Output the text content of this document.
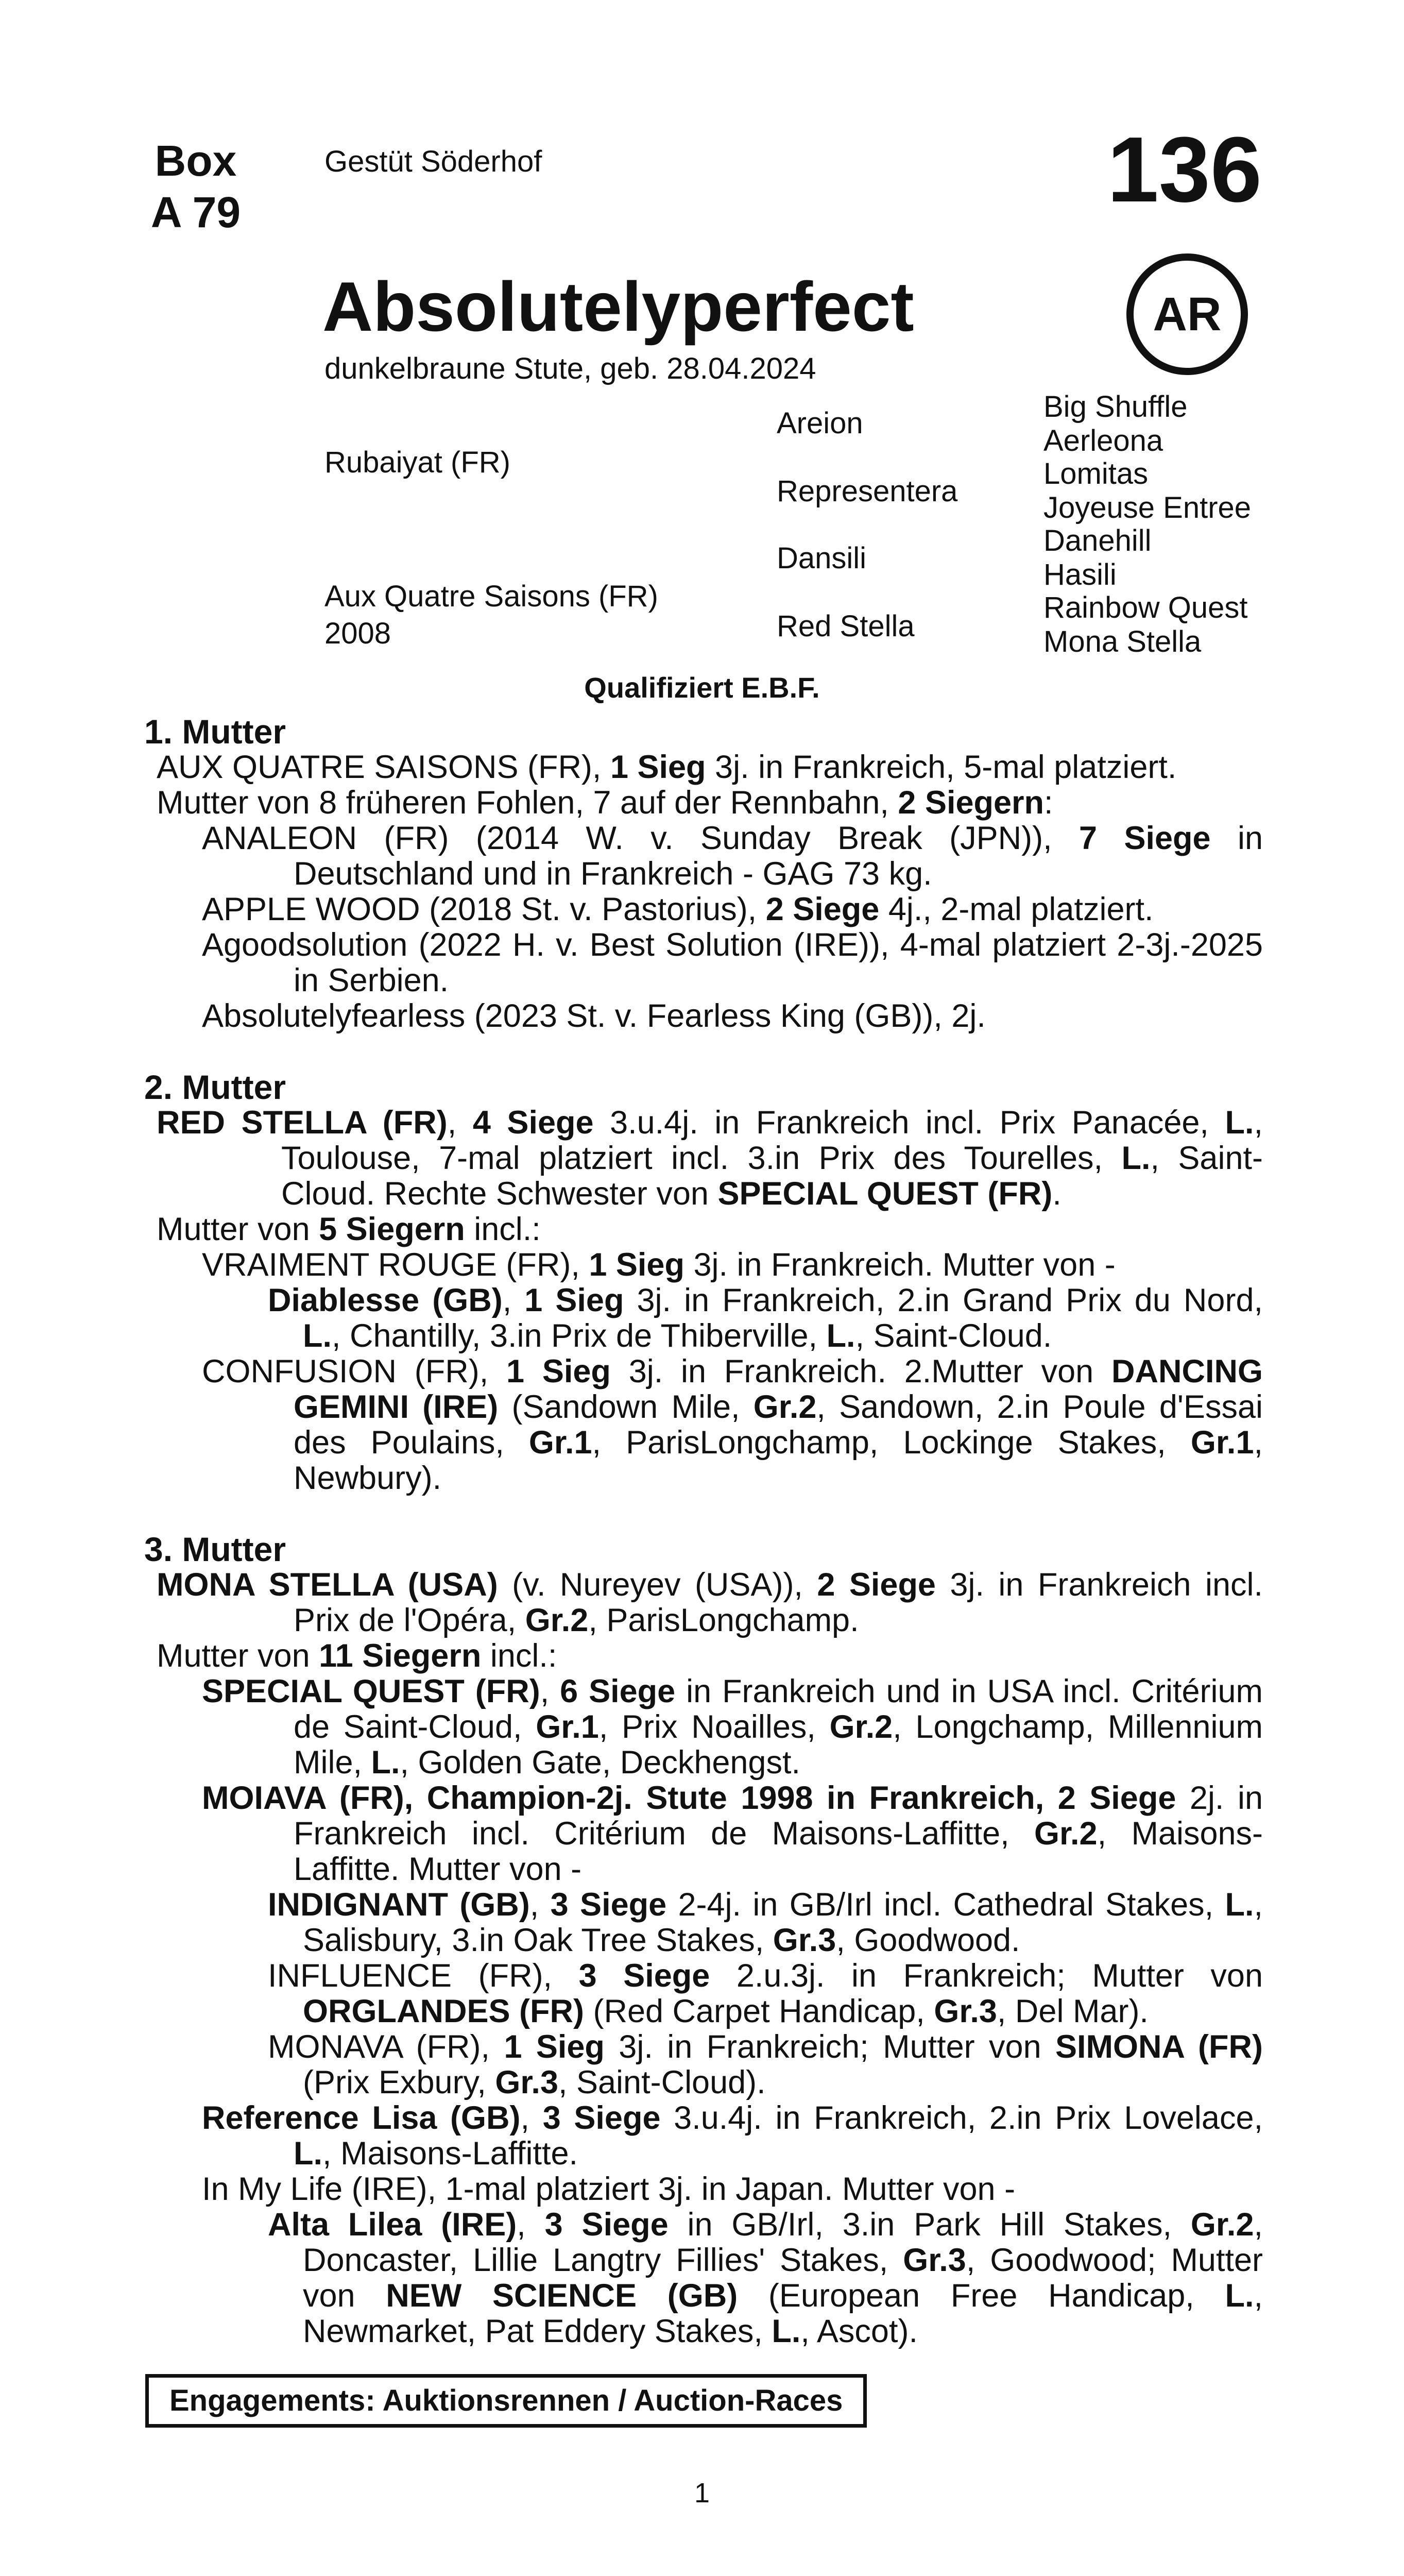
Box
A 79
Gestüt Söderhof	136
AR
Absolutelyperfect
dunkelbraune Stute, geb. 28.04.2024
Rubaiyat (FR)
Aux Quatre Saisons (FR)
2008
Areion
Representera
Dansili
Red Stella
Big Shuffle
Aerleona
Lomitas
Joyeuse Entree
Danehill
Hasili
Rainbow Quest
Mona Stella
Qualifiziert E.B.F.

1. Mutter

AUX QUATRE SAISONS (FR), 1 Sieg 3j. in Frankreich, 5-mal platziert.

Mutter von 8 früheren Fohlen, 7 auf der Rennbahn, 2 Siegern:

ANALEON (FR) (2014 W. v. Sunday Break (JPN)), 7 Siege in Deutschland und in Frankreich - GAG 73 kg.

APPLE WOOD (2018 St. v. Pastorius), 2 Siege 4j., 2-mal platziert.

Agoodsolution (2022 H. v. Best Solution (IRE)), 4-mal platziert 2-3j.-2025 in Serbien.

Absolutelyfearless (2023 St. v. Fearless King (GB)), 2j.

2. Mutter

RED STELLA (FR), 4 Siege 3.u.4j. in Frankreich incl. Prix Panacée, L., Toulouse, 7-mal platziert incl. 3.in Prix des Tourelles, L., Saint-Cloud. Rechte Schwester von SPECIAL QUEST (FR).

Mutter von 5 Siegern incl.:

VRAIMENT ROUGE (FR), 1 Sieg 3j. in Frankreich. Mutter von -

Diablesse (GB), 1 Sieg 3j. in Frankreich, 2.in Grand Prix du Nord, L., Chantilly, 3.in Prix de Thiberville, L., Saint-Cloud.

CONFUSION (FR), 1 Sieg 3j. in Frankreich. 2.Mutter von DANCING GEMINI (IRE) (Sandown Mile, Gr.2, Sandown, 2.in Poule d'Essai des Poulains, Gr.1, ParisLongchamp, Lockinge Stakes, Gr.1, Newbury).

3. Mutter

MONA STELLA (USA) (v. Nureyev (USA)), 2 Siege 3j. in Frankreich incl. Prix de l'Opéra, Gr.2, ParisLongchamp.

Mutter von 11 Siegern incl.:

SPECIAL QUEST (FR), 6 Siege in Frankreich und in USA incl. Critérium de Saint-Cloud, Gr.1, Prix Noailles, Gr.2, Longchamp, Millennium Mile, L., Golden Gate, Deckhengst.

MOIAVA (FR), Champion-2j. Stute 1998 in Frankreich, 2 Siege 2j. in Frankreich incl. Critérium de Maisons-Laffitte, Gr.2, Maisons-Laffitte. Mutter von -

INDIGNANT (GB), 3 Siege 2-4j. in GB/Irl incl. Cathedral Stakes, L., Salisbury, 3.in Oak Tree Stakes, Gr.3, Goodwood.

INFLUENCE (FR), 3 Siege 2.u.3j. in Frankreich; Mutter von ORGLANDES (FR) (Red Carpet Handicap, Gr.3, Del Mar).

MONAVA (FR), 1 Sieg 3j. in Frankreich; Mutter von SIMONA (FR) (Prix Exbury, Gr.3, Saint-Cloud).

Reference Lisa (GB), 3 Siege 3.u.4j. in Frankreich, 2.in Prix Lovelace, L., Maisons-Laffitte.

In My Life (IRE), 1-mal platziert 3j. in Japan. Mutter von -

Alta Lilea (IRE), 3 Siege in GB/Irl, 3.in Park Hill Stakes, Gr.2, Doncaster, Lillie Langtry Fillies' Stakes, Gr.3, Goodwood; Mutter von NEW SCIENCE (GB) (European Free Handicap, L., Newmarket, Pat Eddery Stakes, L., Ascot).

Engagements: Auktionsrennen / Auction-Races
1
